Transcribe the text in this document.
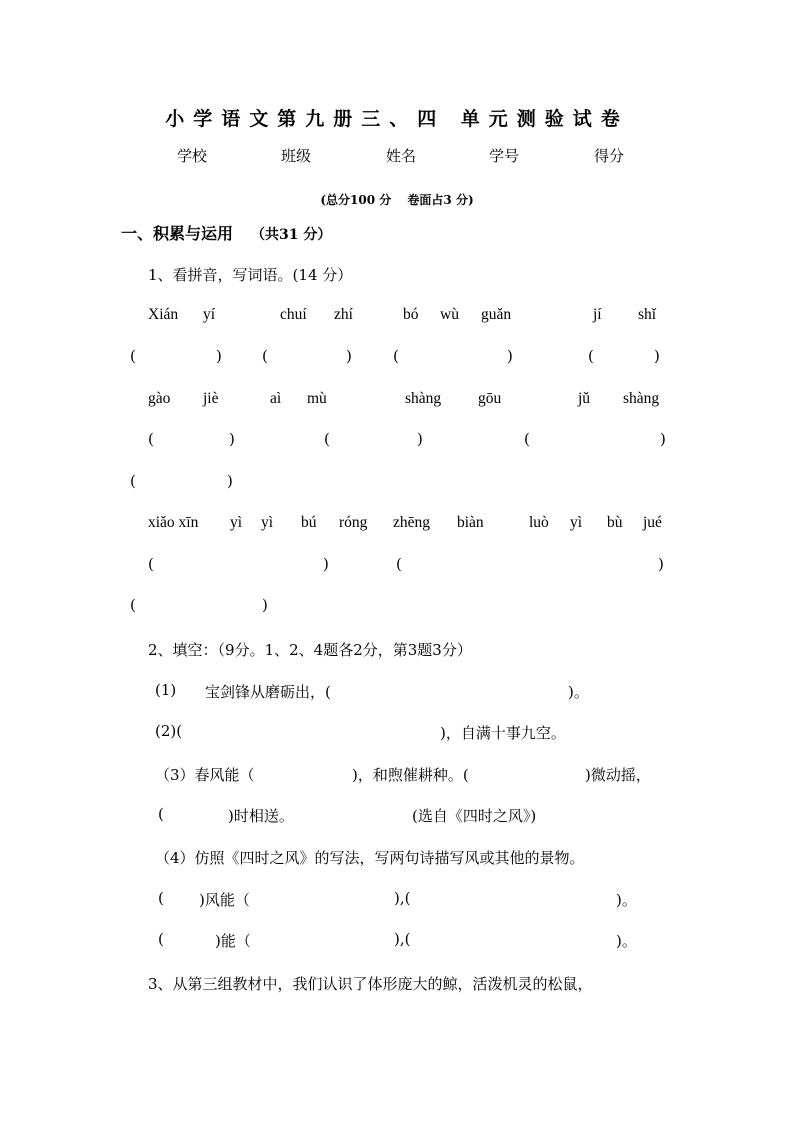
小学语文第九册三、四 单元测验试卷
学校	班级	姓名	学号	得分
(总分100 分　 卷面占3 分)
一、积累与运用 （共31 分）
1、看拼音，写词语。(14 分）
Xián yí	chuí zhí	bó wù guǎn	jí shǐ
(	)	(	)	(	)	(	)
gào jiè	aì mù	shàng gōu	jǔ shàng
(	)	(	)	(	)
(	)
xiǎo xīn yì yì bú róng zhēng biàn	luò yì bù jué
(	)	(	)
(	)
2、填空：（9分。1、2、4题各2分，第3题3分）
(1) 宝剑锋从磨砺出，(	)。
(2)(	)，自满十事九空。
（3）春风能（	)，和煦催耕种。(	)微动摇，
(	)时相送。	(选自《四时之风》)
（4）仿照《四时之风》的写法，写两句诗描写风或其他的景物。
( )风能（	),(	)。
(	)能（	),(	)。
3、从第三组教材中，我们认识了体形庞大的鲸，活泼机灵的松鼠，
